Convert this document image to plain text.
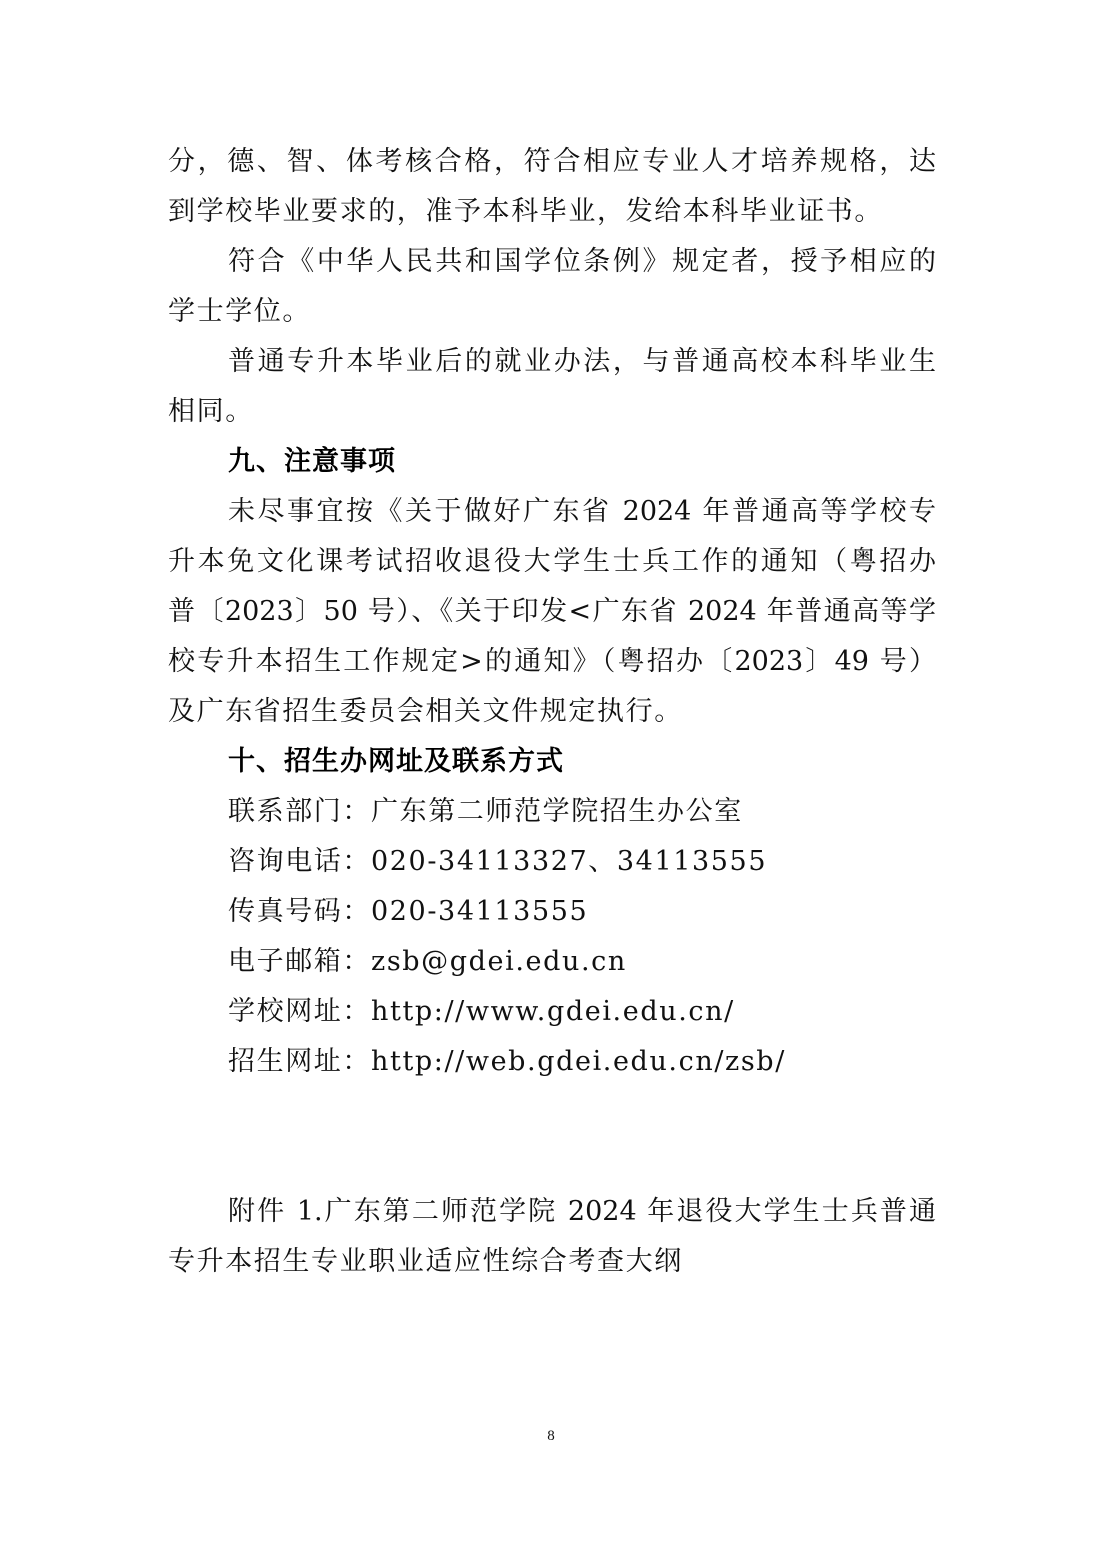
分，德、智、体考核合格，符合相应专业人才培养规格，达
到学校毕业要求的，准予本科毕业，发给本科毕业证书。
符合《中华人民共和国学位条例》规定者，授予相应的
学士学位。
普通专升本毕业后的就业办法，与普通高校本科毕业生
相同。
九、注意事项
未尽事宜按《关于做好广东省 2024 年普通高等学校专
升本免文化课考试招收退役大学生士兵工作的通知（粤招办
普〔2023〕50 号）、《关于印发<广东省 2024 年普通高等学
校专升本招生工作规定>的通知》（粤招办〔2023〕49 号）
及广东省招生委员会相关文件规定执行。
十、招生办网址及联系方式
联系部门：广东第二师范学院招生办公室
咨询电话：020-34113327、34113555
传真号码：020-34113555
电子邮箱：zsb@gdei.edu.cn
学校网址：http://www.gdei.edu.cn/
招生网址：http://web.gdei.edu.cn/zsb/
附件 1.广东第二师范学院 2024 年退役大学生士兵普通
专升本招生专业职业适应性综合考查大纲
8
